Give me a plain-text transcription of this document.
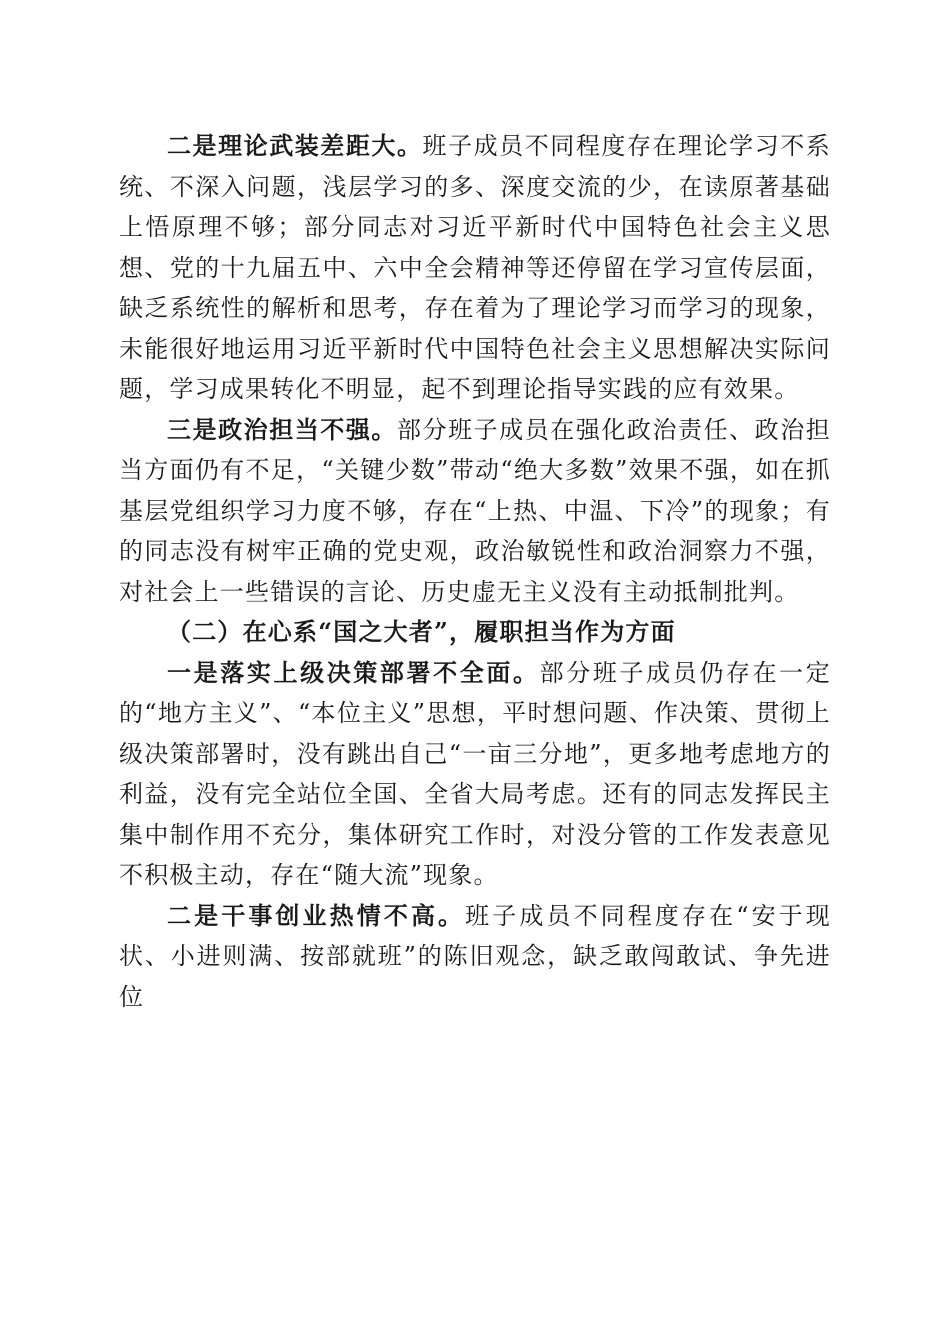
二是理论武装差距大。班子成员不同程度存在理论学习不系统、不深入问题，浅层学习的多、深度交流的少，在读原著基础上悟原理不够；部分同志对习近平新时代中国特色社会主义思想、党的十九届五中、六中全会精神等还停留在学习宣传层面，缺乏系统性的解析和思考，存在着为了理论学习而学习的现象，未能很好地运用习近平新时代中国特色社会主义思想解决实际问题，学习成果转化不明显，起不到理论指导实践的应有效果。

三是政治担当不强。部分班子成员在强化政治责任、政治担当方面仍有不足，“关键少数”带动“绝大多数”效果不强，如在抓基层党组织学习力度不够，存在“上热、中温、下冷”的现象；有的同志没有树牢正确的党史观，政治敏锐性和政治洞察力不强，对社会上一些错误的言论、历史虚无主义没有主动抵制批判。

（二）在心系“国之大者”，履职担当作为方面

一是落实上级决策部署不全面。部分班子成员仍存在一定的“地方主义”、“本位主义”思想，平时想问题、作决策、贯彻上级决策部署时，没有跳出自己“一亩三分地”，更多地考虑地方的利益，没有完全站位全国、全省大局考虑。还有的同志发挥民主集中制作用不充分，集体研究工作时，对没分管的工作发表意见不积极主动，存在“随大流”现象。

二是干事创业热情不高。班子成员不同程度存在“安于现状、小进则满、按部就班”的陈旧观念，缺乏敢闯敢试、争先进位
